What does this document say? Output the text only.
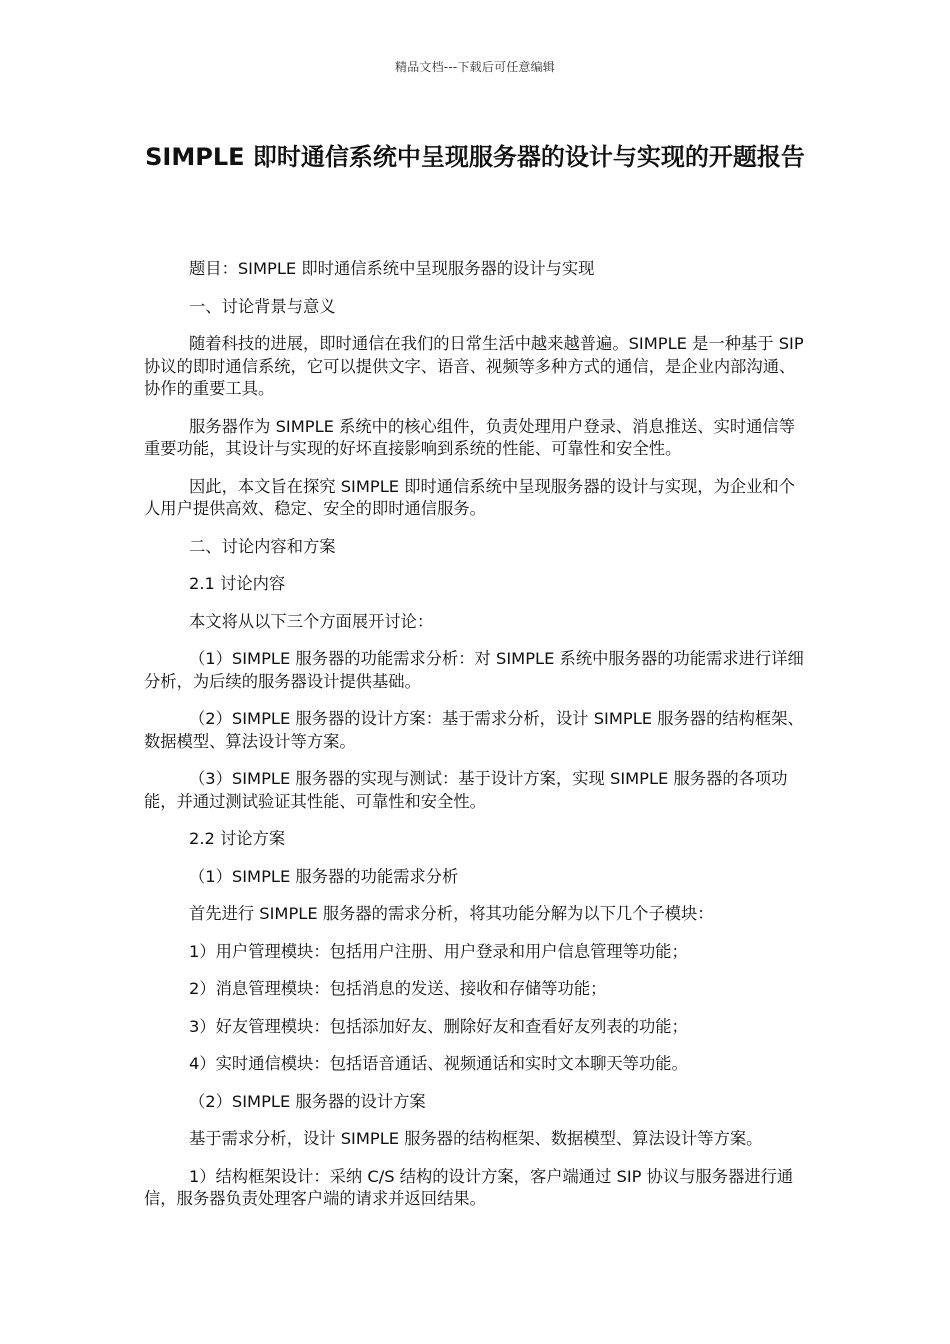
精品文档---下载后可任意编辑
SIMPLE 即时通信系统中呈现服务器的设计与实现的开题报告

题目：SIMPLE 即时通信系统中呈现服务器的设计与实现

一、讨论背景与意义

随着科技的进展，即时通信在我们的日常生活中越来越普遍。SIMPLE 是一种基于 SIP 协议的即时通信系统，它可以提供文字、语音、视频等多种方式的通信，是企业内部沟通、协作的重要工具。

服务器作为 SIMPLE 系统中的核心组件，负责处理用户登录、消息推送、实时通信等重要功能，其设计与实现的好坏直接影响到系统的性能、可靠性和安全性。

因此，本文旨在探究 SIMPLE 即时通信系统中呈现服务器的设计与实现，为企业和个人用户提供高效、稳定、安全的即时通信服务。

二、讨论内容和方案

2.1 讨论内容

本文将从以下三个方面展开讨论：

（1）SIMPLE 服务器的功能需求分析：对 SIMPLE 系统中服务器的功能需求进行详细分析，为后续的服务器设计提供基础。

（2）SIMPLE 服务器的设计方案：基于需求分析，设计 SIMPLE 服务器的结构框架、数据模型、算法设计等方案。

（3）SIMPLE 服务器的实现与测试：基于设计方案，实现 SIMPLE 服务器的各项功能，并通过测试验证其性能、可靠性和安全性。

2.2 讨论方案

（1）SIMPLE 服务器的功能需求分析

首先进行 SIMPLE 服务器的需求分析，将其功能分解为以下几个子模块：

1）用户管理模块：包括用户注册、用户登录和用户信息管理等功能；

2）消息管理模块：包括消息的发送、接收和存储等功能；

3）好友管理模块：包括添加好友、删除好友和查看好友列表的功能；

4）实时通信模块：包括语音通话、视频通话和实时文本聊天等功能。

（2）SIMPLE 服务器的设计方案

基于需求分析，设计 SIMPLE 服务器的结构框架、数据模型、算法设计等方案。

1）结构框架设计：采纳 C/S 结构的设计方案，客户端通过 SIP 协议与服务器进行通信，服务器负责处理客户端的请求并返回结果。
